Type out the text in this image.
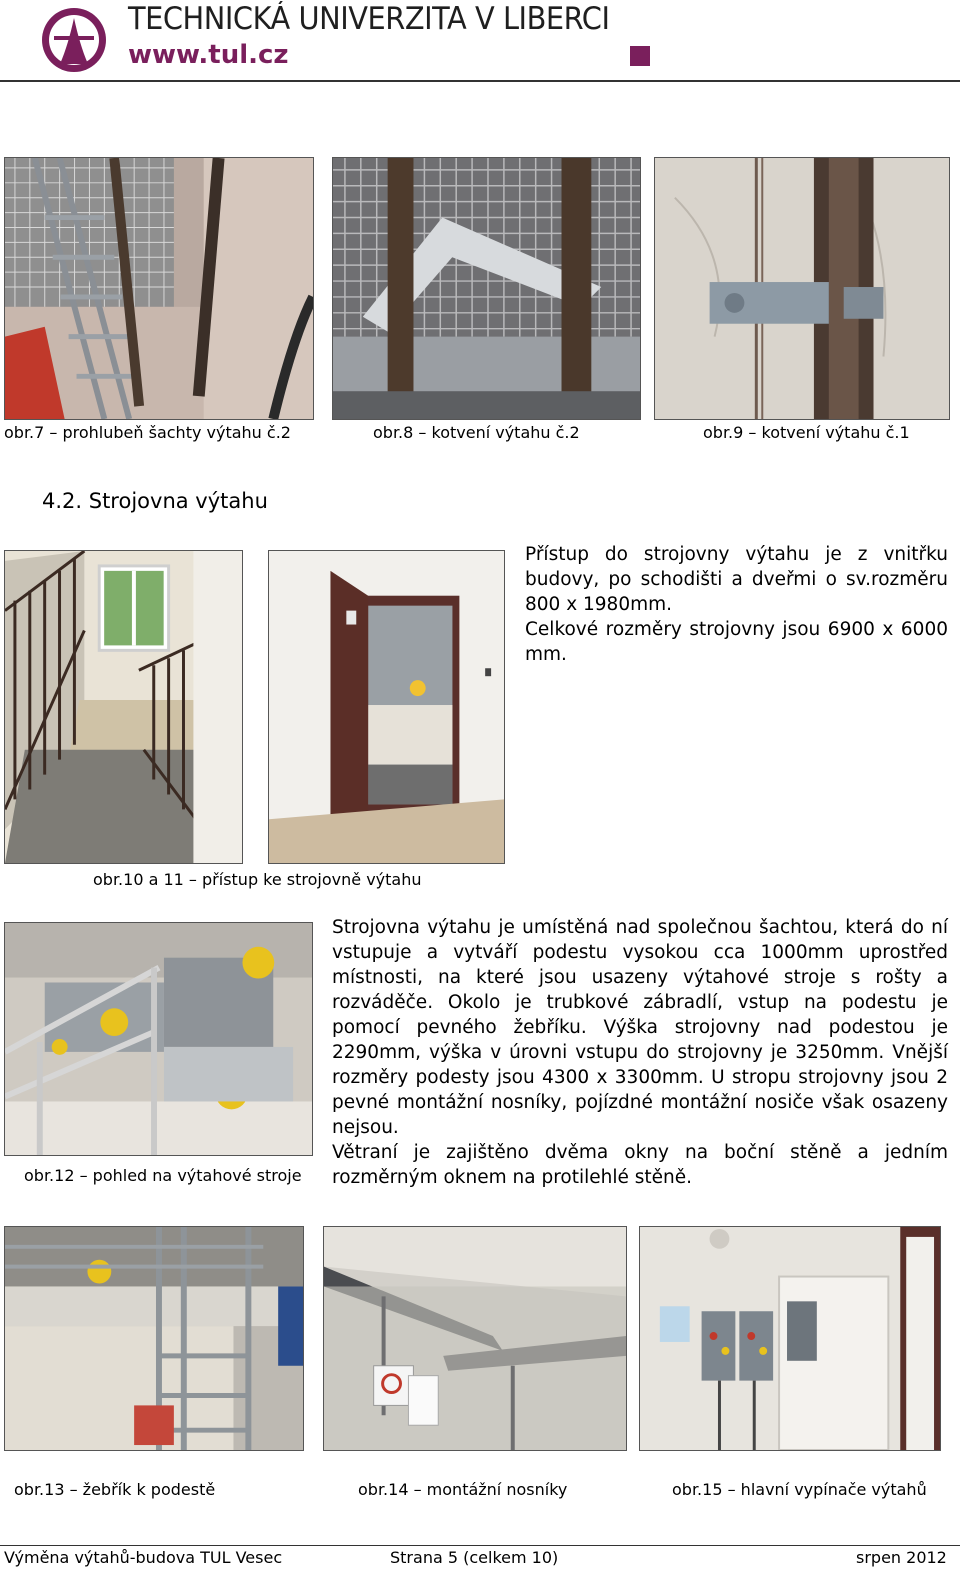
TECHNICKÁ UNIVERZITA V LIBERCI
www.tul.cz
obr.7 – prohlubeň šachty výtahu č.2	obr.8 – kotvení výtahu č.2	obr.9 – kotvení výtahu č.1
4.2. Strojovna výtahu

Přístup do strojovny výtahu je z vnitřku budovy, po schodišti a dveřmi o sv.rozměru 800 x 1980mm.

Celkové rozměry strojovny jsou 6900 x 6000 mm.

obr.10 a 11 – přístup ke strojovně výtahu
obr.12 – pohled na výtahové stroje

Strojovna výtahu je umístěná nad společnou šachtou, která do ní vstupuje a vytváří podestu vysokou cca 1000mm uprostřed místnosti, na které jsou usazeny výtahové stroje s rošty a rozváděče. Okolo je trubkové zábradlí, vstup na podestu je pomocí pevného žebříku. Výška strojovny nad podestou je 2290mm, výška v úrovni vstupu do strojovny je 3250mm. Vnější rozměry podesty jsou 4300 x 3300mm. U stropu strojovny jsou 2 pevné montážní nosníky, pojízdné montážní nosiče však osazeny nejsou.

Větraní je zajištěno dvěma okny na boční stěně a jedním rozměrným oknem na protilehlé stěně.

obr.13 – žebřík k podestě	obr.14 – montážní nosníky	obr.15 – hlavní vypínače výtahů
Výměna výtahů-budova TUL Vesec	Strana 5 (celkem 10)	srpen 2012
